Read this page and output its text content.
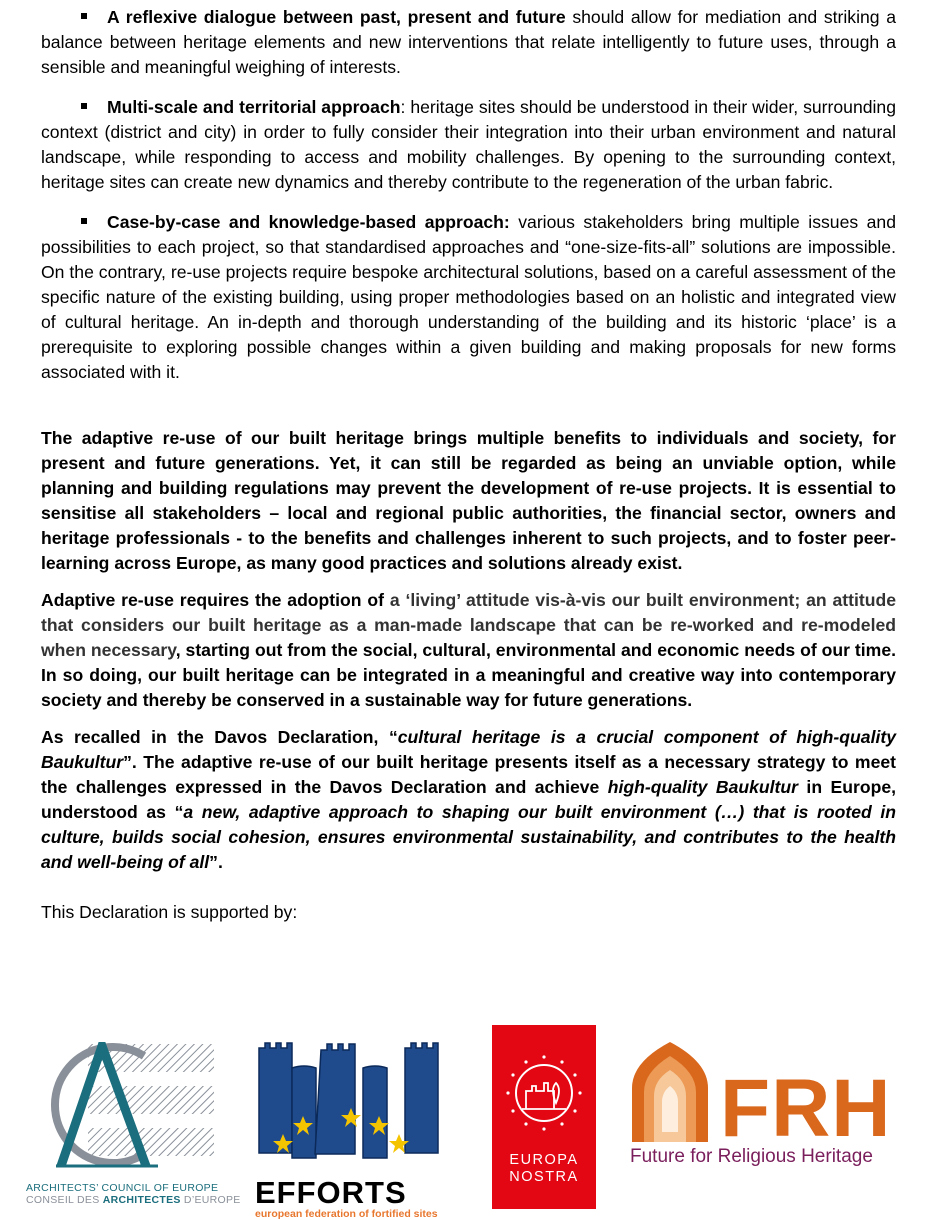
A reflexive dialogue between past, present and future should allow for mediation and striking a balance between heritage elements and new interventions that relate intelligently to future uses, through a sensible and meaningful weighing of interests.

Multi-scale and territorial approach: heritage sites should be understood in their wider, surrounding context (district and city) in order to fully consider their integration into their urban environment and natural landscape, while responding to access and mobility challenges. By opening to the surrounding context, heritage sites can create new dynamics and thereby contribute to the regeneration of the urban fabric.

Case-by-case and knowledge-based approach: various stakeholders bring multiple issues and possibilities to each project, so that standardised approaches and “one-size-fits-all” solutions are impossible. On the contrary, re-use projects require bespoke architectural solutions, based on a careful assessment of the specific nature of the existing building, using proper methodologies based on an holistic and integrated view of cultural heritage. An in-depth and thorough understanding of the building and its historic ‘place’ is a prerequisite to exploring possible changes within a given building and making proposals for new forms associated with it.

The adaptive re-use of our built heritage brings multiple benefits to individuals and society, for present and future generations. Yet, it can still be regarded as being an unviable option, while planning and building regulations may prevent the development of re-use projects. It is essential to sensitise all stakeholders – local and regional public authorities, the financial sector, owners and heritage professionals - to the benefits and challenges inherent to such projects, and to foster peer-learning across Europe, as many good practices and solutions already exist.

Adaptive re-use requires the adoption of a ‘living’ attitude vis-à-vis our built environment; an attitude that considers our built heritage as a man-made landscape that can be re-worked and re-modeled when necessary, starting out from the social, cultural, environmental and economic needs of our time. In so doing, our built heritage can be integrated in a meaningful and creative way into contemporary society and thereby be conserved in a sustainable way for future generations.

As recalled in the Davos Declaration, “cultural heritage is a crucial component of high-quality Baukultur”. The adaptive re-use of our built heritage presents itself as a necessary strategy to meet the challenges expressed in the Davos Declaration and achieve high-quality Baukultur in Europe, understood as “a new, adaptive approach to shaping our built environment (…) that is rooted in culture, builds social cohesion, ensures environmental sustainability, and contributes to the health and well-being of all”.

This Declaration is supported by:

ARCHITECTS’ COUNCIL OF EUROPE
CONSEIL DES ARCHITECTES D’EUROPE EFFORTS
european federation of fortified sites
EUROPA
NOSTRA
FRH
Future for Religious Heritage
